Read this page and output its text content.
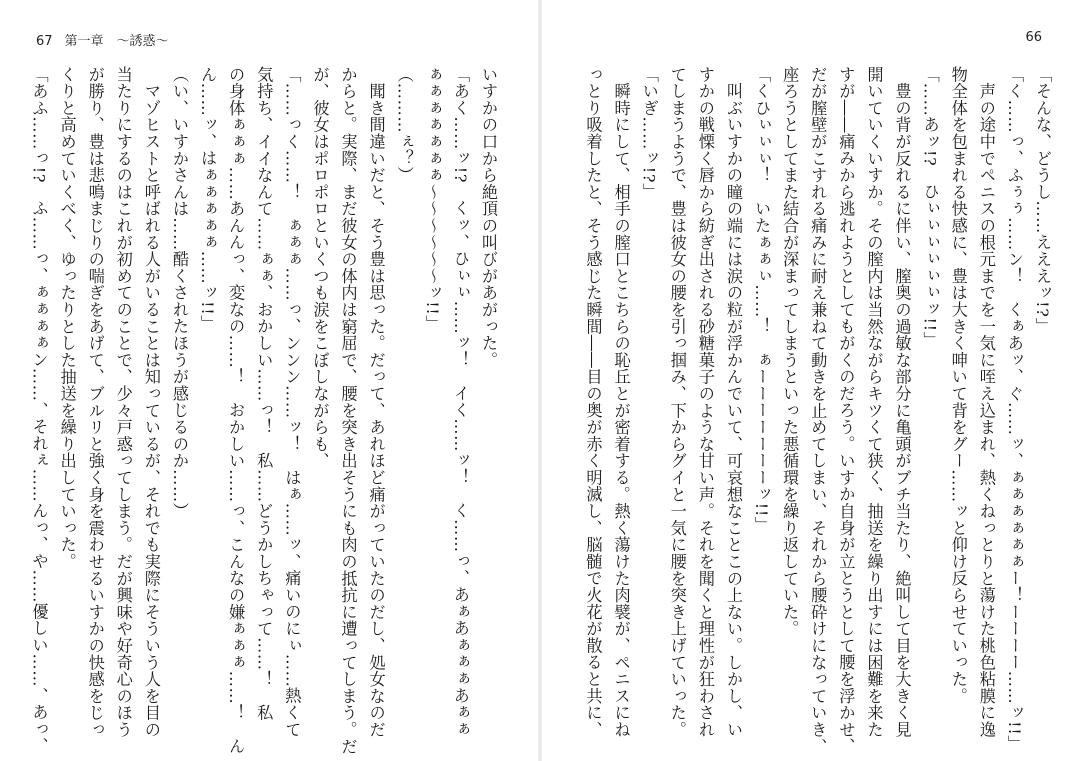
67 第一章　〜誘惑〜
いすかの口から絶頂の叫びがあがった。
「あく……ッ!?　くッ、ひぃぃ……ッ！　イく……ッ！　く……っ、あぁあぁぁぁあぁぁ
ぁぁぁぁぁぁぁ〜〜〜〜〜〜ッ!!」
（………ぇ？）
　聞き間違いだと、そう豊は思った。だって、あれほど痛がっていたのだし、処女なのだ
からと。実際、まだ彼女の体内は窮屈で、腰を突き出そうにも肉の抵抗に遭ってしまう。だ
が、彼女はポロポロといくつも涙をこぼしながらも、
「……っく……！　ぁぁぁ……っ、ンンン……ッ！　はぁ……ッ、痛いのにぃ……熱くて
気持ち、イイなんて……ぁぁ、おかしい……っ！　私……どうかしちゃって……！　私
の身体ぁぁぁ……あんんっ、変なの……！　おかしい……っ、こんなの嫌ぁぁぁ……！　ん
ん……ッ、はぁぁぁぁぁ……ッ!!」
（い、いすかさんは……酷くされたほうが感じるのか……）
　マゾヒストと呼ばれる人がいることは知っているが、それでも実際にそういう人を目の
当たりにするのはこれが初めてのことで、少々戸惑ってしまう。だが興味や好奇心のほう
が勝り、豊は悲鳴まじりの喘ぎをあげて、ブルリと強く身を震わせるいすかの快感をじっ
くりと高めていくべく、ゆったりとした抽送を繰り出していった。
「あふ……っ!?　ふ……っ、ぁぁぁぁン……、それぇ……んっ、や……優しい……、あっ、
66
「そんな、どうし……えええッ!?」
「く……っ、ふぅぅ……ン！　くぁあッ、ぐ……ッ、ぁぁぁぁぁぁー！ーーーー……ッ!!」
　声の途中でペニスの根元までを一気に咥え込まれ、熱くねっとりと蕩けた桃色粘膜に逸
物全体を包まれる快感に、豊は大きく呻いて背をグー……ッと仰け反らせていった。
「……あッ!?　ひぃぃぃぃぃぃッ!!」
　豊の背が反れるに伴い、膣奥の過敏な部分に亀頭がブチ当たり、絶叫して目を大きく見
開いていくいすか。その膣内は当然ながらキツくて狭く、抽送を繰り出すには困難を来た
すが――痛みから逃れようとしてもがくのだろう。いすか自身が立とうとして腰を浮かせ、
だが膣壁がこすれる痛みに耐え兼ねて動きを止めてしまい、それから腰砕けになっていき、
座ろうとしてまた結合が深まってしまうといった悪循環を繰り返していた。
「くひぃぃぃ！　いたぁぁぃ……！　ぁーーーーーーーッ!!」
　叫ぶいすかの瞳の端には涙の粒が浮かんでいて、可哀想なことこの上ない。しかし、い
すかの戦慄く唇から紡ぎ出される砂糖菓子のような甘い声。それを聞くと理性が狂わされ
てしまうようで、豊は彼女の腰を引っ掴み、下からグイと一気に腰を突き上げていった。
「いぎ……ッ!?」
　瞬時にして、相手の膣口とこちらの恥丘とが密着する。熱く蕩けた肉襞が、ペニスにね
っとり吸着したと、そう感じた瞬間――目の奥が赤く明滅し、脳髄で火花が散ると共に、
